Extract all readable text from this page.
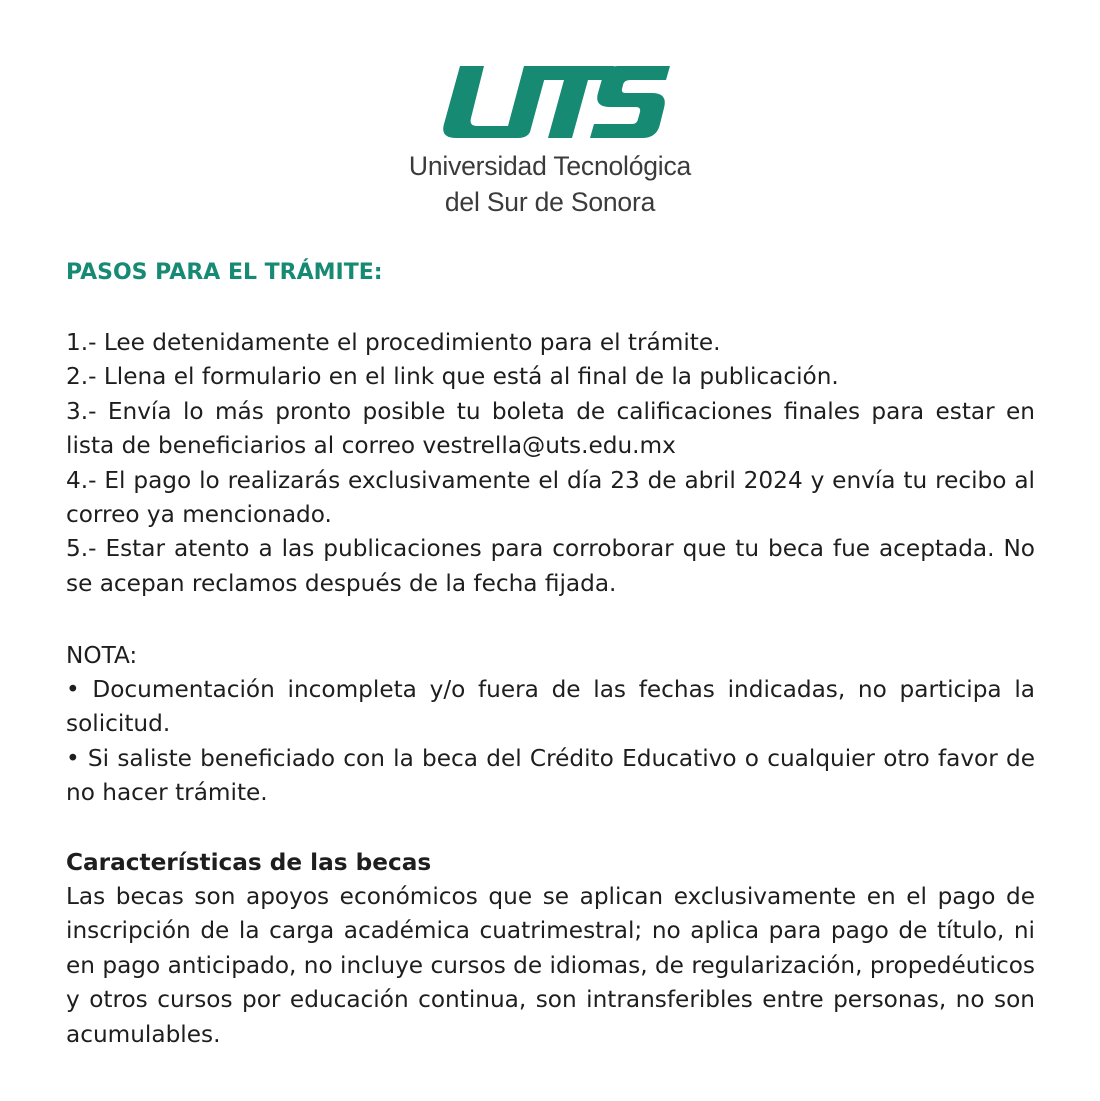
Universidad Tecnológica
del Sur de Sonora
PASOS PARA EL TRÁMITE:
1.- Lee detenidamente el procedimiento para el trámite.
2.- Llena el formulario en el link que está al final de la publicación.
3.- Envía lo más pronto posible tu boleta de calificaciones finales para estar en lista de beneficiarios al correo vestrella@uts.edu.mx
4.- El pago lo realizarás exclusivamente el día 23 de abril 2024 y envía tu recibo al correo ya mencionado.
5.- Estar atento a las publicaciones para corroborar que tu beca fue aceptada. No se acepan reclamos después de la fecha fijada.
NOTA:
• Documentación incompleta y/o fuera de las fechas indicadas, no participa la solicitud.
• Si saliste beneficiado con la beca del Crédito Educativo o cualquier otro favor de no hacer trámite.
Características de las becas
Las becas son apoyos económicos que se aplican exclusivamente en el pago de inscripción de la carga académica cuatrimestral; no aplica para pago de título, ni en pago anticipado, no incluye cursos de idiomas, de regularización, propedéuticos y otros cursos por educación continua, son intransferibles entre personas, no son acumulables.
